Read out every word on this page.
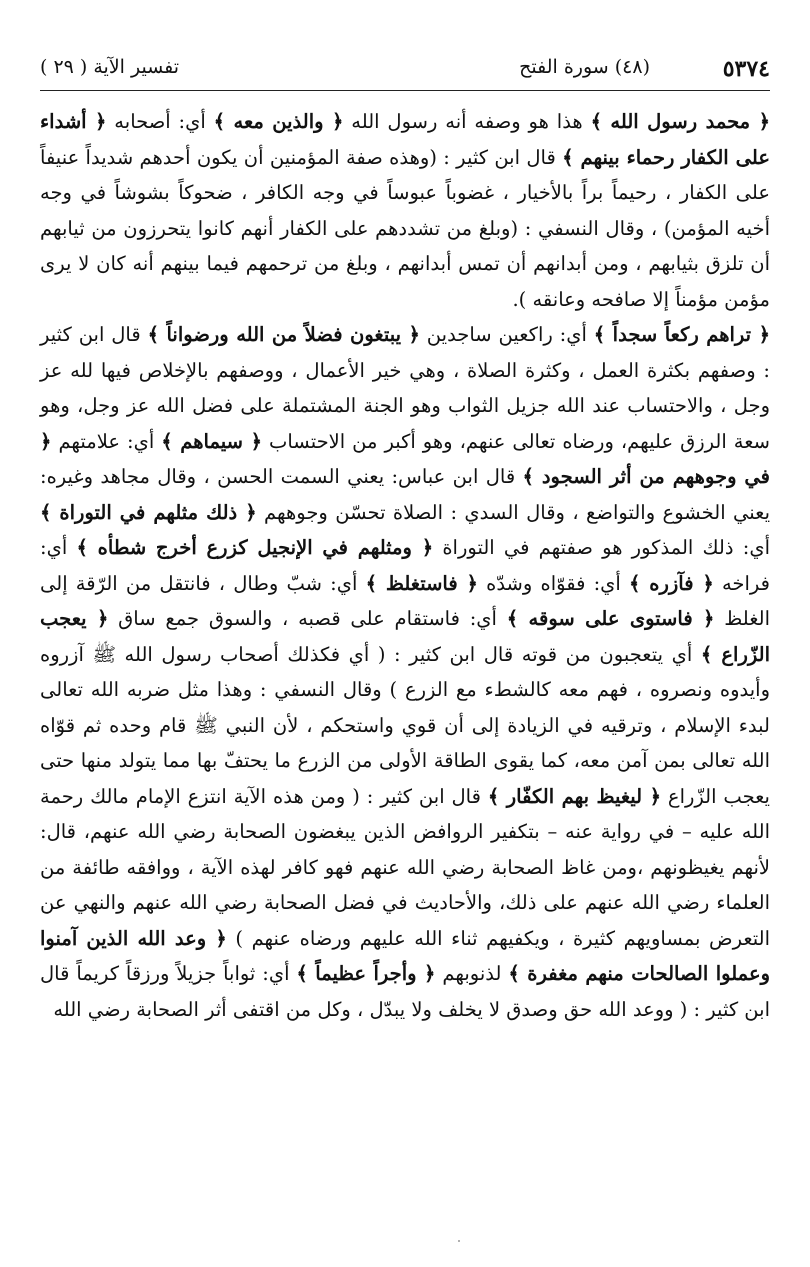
٥٣٧٤
(٤٨) سورة الفتح
تفسير الآية ( ٢٩ )

﴿ محمد رسول الله ﴾ هذا هو وصفه أنه رسول الله ﴿ والذين معه ﴾ أي: أصحابه ﴿ أشداء على الكفار رحماء بينهم ﴾ قال ابن كثير : (وهذه صفة المؤمنين أن يكون أحدهم شديداً عنيفاً على الكفار ، رحيماً براً بالأخيار ، غضوباً عبوساً في وجه الكافر ، ضحوكاً بشوشاً في وجه أخيه المؤمن) ، وقال النسفي : (وبلغ من تشددهم على الكفار أنهم كانوا يتحرزون من ثيابهم أن تلزق بثيابهم ، ومن أبدانهم أن تمس أبدانهم ، وبلغ من ترحمهم فيما بينهم أنه كان لا يرى مؤمن مؤمناً إلا صافحه وعانقه ).

﴿ تراهم ركعاً سجداً ﴾ أي: راكعين ساجدين ﴿ يبتغون فضلاً من الله ورضواناً ﴾ قال ابن كثير : وصفهم بكثرة العمل ، وكثرة الصلاة ، وهي خير الأعمال ، ووصفهم بالإخلاص فيها لله عز وجل ، والاحتساب عند الله جزيل الثواب وهو الجنة المشتملة على فضل الله عز وجل، وهو سعة الرزق عليهم، ورضاه تعالى عنهم، وهو أكبر من الاحتساب ﴿ سيماهم ﴾ أي: علامتهم ﴿ في وجوههم من أثر السجود ﴾ قال ابن عباس: يعني السمت الحسن ، وقال مجاهد وغيره: يعني الخشوع والتواضع ، وقال السدي : الصلاة تحسّن وجوههم ﴿ ذلك مثلهم في التوراة ﴾ أي: ذلك المذكور هو صفتهم في التوراة ﴿ ومثلهم في الإنجيل كزرع أخرج شطأه ﴾ أي: فراخه ﴿ فآزره ﴾ أي: فقوّاه وشدّه ﴿ فاستغلظ ﴾ أي: شبّ وطال ، فانتقل من الرّقة إلى الغلظ ﴿ فاستوى على سوقه ﴾ أي: فاستقام على قصبه ، والسوق جمع ساق ﴿ يعجب الزّراع ﴾ أي يتعجبون من قوته قال ابن كثير : ( أي فكذلك أصحاب رسول الله ﷺ آزروه وأيدوه ونصروه ، فهم معه كالشطء مع الزرع ) وقال النسفي : وهذا مثل ضربه الله تعالى لبدء الإسلام ، وترقيه في الزيادة إلى أن قوي واستحكم ، لأن النبي ﷺ قام وحده ثم قوّاه الله تعالى بمن آمن معه، كما يقوى الطاقة الأولى من الزرع ما يحتفّ بها مما يتولد منها حتى يعجب الزّراع ﴿ ليغيظ بهم الكفّار ﴾ قال ابن كثير : ( ومن هذه الآية انتزع الإمام مالك رحمة الله عليه – في رواية عنه – بتكفير الروافض الذين يبغضون الصحابة رضي الله عنهم، قال: لأنهم يغيظونهم ،ومن غاظ الصحابة رضي الله عنهم فهو كافر لهذه الآية ، ووافقه طائفة من العلماء رضي الله عنهم على ذلك، والأحاديث في فضل الصحابة رضي الله عنهم والنهي عن التعرض بمساويهم كثيرة ، ويكفيهم ثناء الله عليهم ورضاه عنهم ) ﴿ وعد الله الذين آمنوا وعملوا الصالحات منهم مغفرة ﴾ لذنوبهم ﴿ وأجراً عظيماً ﴾ أي: ثواباً جزيلاً ورزقاً كريماً قال ابن كثير : ( ووعد الله حق وصدق لا يخلف ولا يبدّل ، وكل من اقتفى أثر الصحابة رضي الله
